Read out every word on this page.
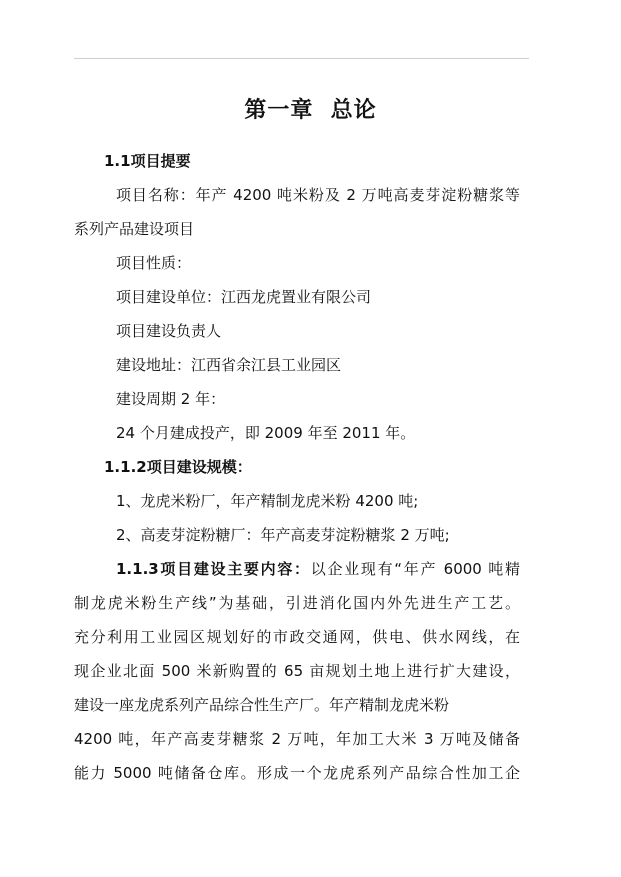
第一章  总论
1.1项目提要
项目名称：年产 4200 吨米粉及 2 万吨高麦芽淀粉糖浆等
系列产品建设项目
项目性质：
项目建设单位：江西龙虎置业有限公司
项目建设负责人
建设地址：江西省余江县工业园区
建设周期 2 年：
24 个月建成投产，即 2009 年至 2011 年。
1.1.2项目建设规模：
1、龙虎米粉厂，年产精制龙虎米粉 4200 吨;
2、高麦芽淀粉糖厂：年产高麦芽淀粉糖浆 2 万吨;
1.1.3项目建设主要内容：以企业现有“年产 6000 吨精
制龙虎米粉生产线”为基础，引进消化国内外先进生产工艺。
充分利用工业园区规划好的市政交通网，供电、供水网线，在
现企业北面 500 米新购置的 65 亩规划土地上进行扩大建设，
建设一座龙虎系列产品综合性生产厂。年产精制龙虎米粉
4200 吨，年产高麦芽糖浆 2 万吨，年加工大米 3 万吨及储备
能力 5000 吨储备仓库。形成一个龙虎系列产品综合性加工企
